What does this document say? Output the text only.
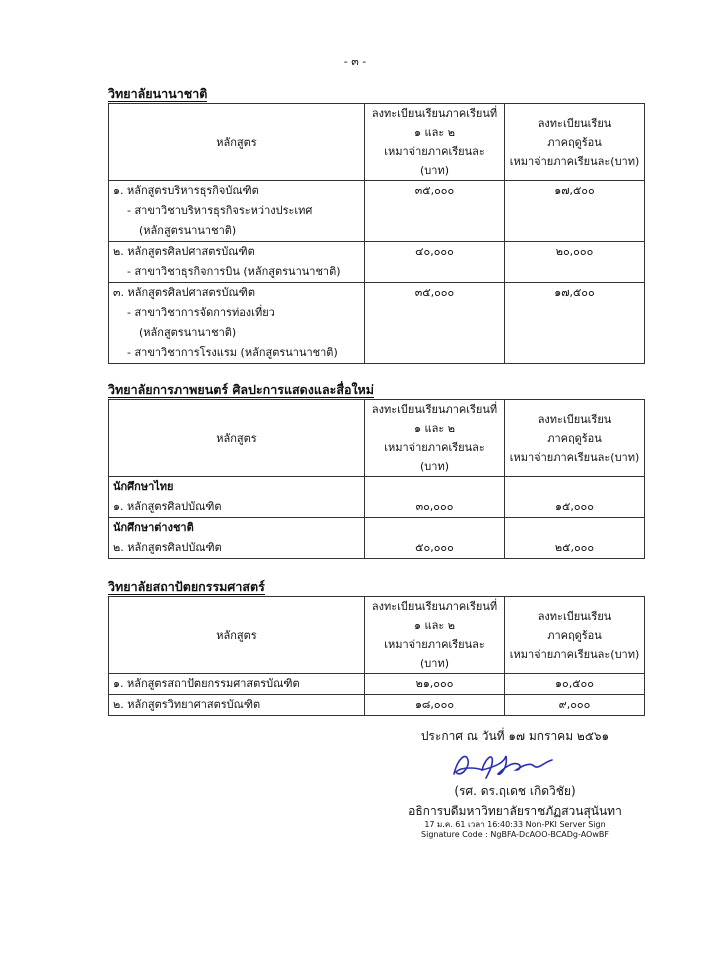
- ๓ -
วิทยาลัยนานาชาติ
หลักสูตร	ลงทะเบียนเรียนภาคเรียนที่
๑ และ ๒
เหมาจ่ายภาคเรียนละ (บาท)	ลงทะเบียนเรียน
ภาคฤดูร้อน
เหมาจ่ายภาคเรียนละ(บาท)

๑. หลักสูตรบริหารธุรกิจบัณฑิต
- สาขาวิชาบริหารธุรกิจระหว่างประเทศ
(หลักสูตรนานาชาติ)	๓๕,๐๐๐	๑๗,๕๐๐

๒. หลักสูตรศิลปศาสตรบัณฑิต
- สาขาวิชาธุรกิจการบิน (หลักสูตรนานาชาติ)	๔๐,๐๐๐	๒๐,๐๐๐

๓. หลักสูตรศิลปศาสตรบัณฑิต
- สาขาวิชาการจัดการท่องเที่ยว
(หลักสูตรนานาชาติ)
- สาขาวิชาการโรงแรม (หลักสูตรนานาชาติ)	๓๕,๐๐๐	๑๗,๕๐๐
วิทยาลัยการภาพยนตร์ ศิลปะการแสดงและสื่อใหม่
หลักสูตร	ลงทะเบียนเรียนภาคเรียนที่
๑ และ ๒
เหมาจ่ายภาคเรียนละ (บาท)	ลงทะเบียนเรียน
ภาคฤดูร้อน
เหมาจ่ายภาคเรียนละ(บาท)

นักศึกษาไทย
๑. หลักสูตรศิลปบัณฑิต	๓๐,๐๐๐	๑๕,๐๐๐

นักศึกษาต่างชาติ
๒. หลักสูตรศิลปบัณฑิต	๕๐,๐๐๐	๒๕,๐๐๐
วิทยาลัยสถาปัตยกรรมศาสตร์
หลักสูตร	ลงทะเบียนเรียนภาคเรียนที่
๑ และ ๒
เหมาจ่ายภาคเรียนละ (บาท)	ลงทะเบียนเรียน
ภาคฤดูร้อน
เหมาจ่ายภาคเรียนละ(บาท)
๑. หลักสูตรสถาปัตยกรรมศาสตรบัณฑิต	๒๑,๐๐๐	๑๐,๕๐๐
๒. หลักสูตรวิทยาศาสตรบัณฑิต	๑๘,๐๐๐	๙,๐๐๐
ประกาศ ณ วันที่ ๑๗ มกราคม ๒๕๖๑
(รศ. ดร.ฤเดช เกิดวิชัย)
อธิการบดีมหาวิทยาลัยราชภัฏสวนสุนันทา
17 ม.ค. 61 เวลา 16:40:33 Non-PKI Server Sign
Signature Code : NgBFA-DcAOO-BCADg-AOwBF
